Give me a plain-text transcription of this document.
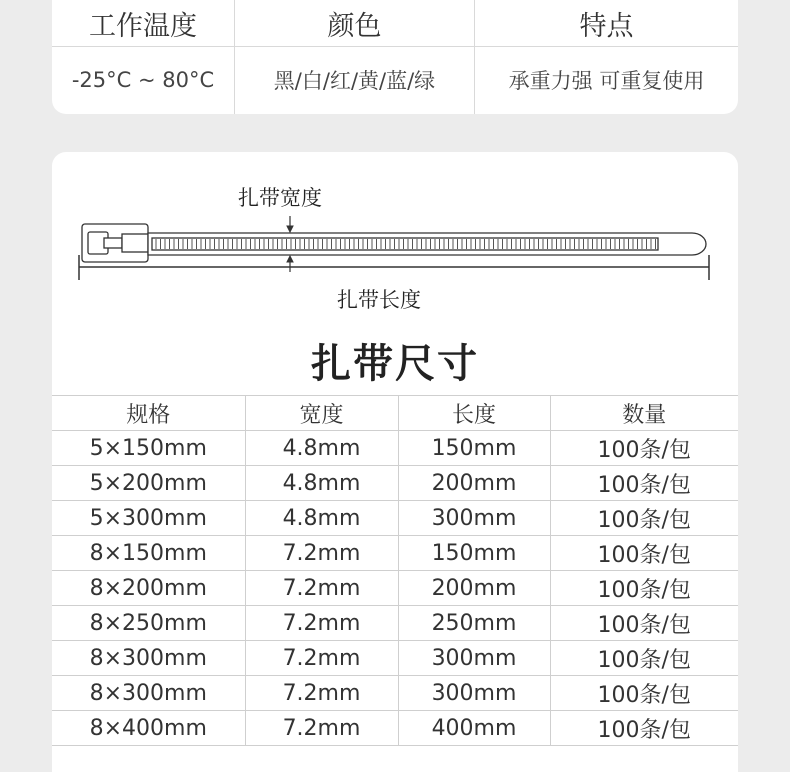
工作温度	颜色	特点
-25°C ~ 80°C	黑/白/红/黄/蓝/绿	承重力强 可重复使用
扎带宽度
扎带长度
扎带尺寸
规格	宽度	长度	数量
5×150mm	4.8mm	150mm	100条/包
5×200mm	4.8mm	200mm	100条/包
5×300mm	4.8mm	300mm	100条/包
8×150mm	7.2mm	150mm	100条/包
8×200mm	7.2mm	200mm	100条/包
8×250mm	7.2mm	250mm	100条/包
8×300mm	7.2mm	300mm	100条/包
8×300mm	7.2mm	300mm	100条/包
8×400mm	7.2mm	400mm	100条/包
